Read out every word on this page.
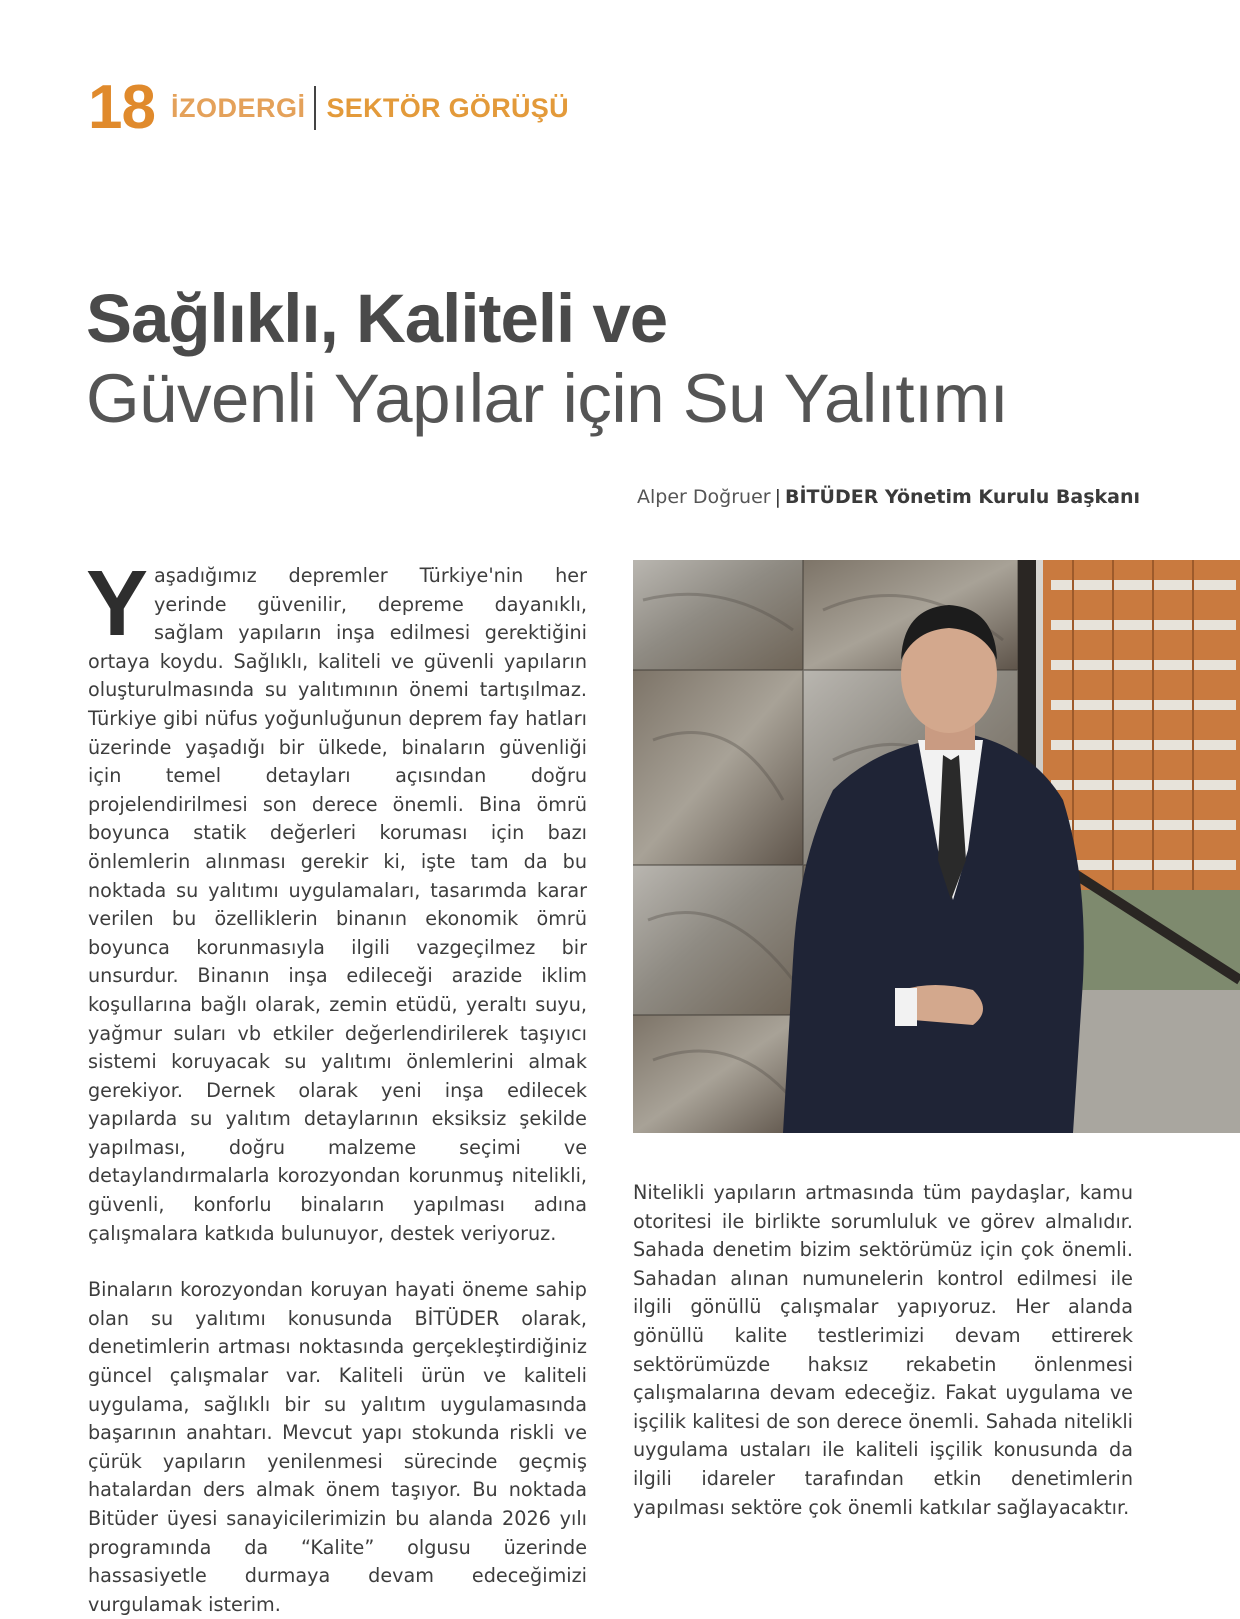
18 İZODERGİ SEKTÖR GÖRÜŞÜ
Sağlıklı, Kaliteli ve
Güvenli Yapılar için Su Yalıtımı
Alper Doğruer | BİTÜDER Yönetim Kurulu Başkanı

Yaşadığımız depremler Türkiye'nin her yerinde güvenilir, depreme dayanıklı, sağlam yapıların inşa edilmesi gerektiğini ortaya koydu. Sağlıklı, kaliteli ve güvenli yapıların oluşturulmasında su yalıtımının önemi tartışılmaz. Türkiye gibi nüfus yoğunluğunun deprem fay hatları üzerinde yaşadığı bir ülkede, binaların güvenliği için temel detayları açısından doğru projelendirilmesi son derece önemli. Bina ömrü boyunca statik değerleri koruması için bazı önlemlerin alınması gerekir ki, işte tam da bu noktada su yalıtımı uygulamaları, tasarımda karar verilen bu özelliklerin binanın ekonomik ömrü boyunca korunmasıyla ilgili vazgeçilmez bir unsurdur. Binanın inşa edileceği arazide iklim koşullarına bağlı olarak, zemin etüdü, yeraltı suyu, yağmur suları vb etkiler değerlendirilerek taşıyıcı sistemi koruyacak su yalıtımı önlemlerini almak gerekiyor. Dernek olarak yeni inşa edilecek yapılarda su yalıtım detaylarının eksiksiz şekilde yapılması, doğru malzeme seçimi ve detaylandırmalarla korozyondan korunmuş nitelikli, güvenli, konforlu binaların yapılması adına çalışmalara katkıda bulunuyor, destek veriyoruz.

Binaların korozyondan koruyan hayati öneme sahip olan su yalıtımı konusunda BİTÜDER olarak, denetimlerin artması noktasında gerçekleştirdiğiniz güncel çalışmalar var. Kaliteli ürün ve kaliteli uygulama, sağlıklı bir su yalıtım uygulamasında başarının anahtarı. Mevcut yapı stokunda riskli ve çürük yapıların yenilenmesi sürecinde geçmiş hatalardan ders almak önem taşıyor. Bu noktada Bitüder üyesi sanayicilerimizin bu alanda 2026 yılı programında da “Kalite” olgusu üzerinde hassasiyetle durmaya devam edeceğimizi vurgulamak isterim.

Nitelikli yapıların artmasında tüm paydaşlar, kamu otoritesi ile birlikte sorumluluk ve görev almalıdır. Sahada denetim bizim sektörümüz için çok önemli. Sahadan alınan numunelerin kontrol edilmesi ile ilgili gönüllü çalışmalar yapıyoruz. Her alanda gönüllü kalite testlerimizi devam ettirerek sektörümüzde haksız rekabetin önlenmesi çalışmalarına devam edeceğiz. Fakat uygulama ve işçilik kalitesi de son derece önemli. Sahada nitelikli uygulama ustaları ile kaliteli işçilik konusunda da ilgili idareler tarafından etkin denetimlerin yapılması sektöre çok önemli katkılar sağlayacaktır.
